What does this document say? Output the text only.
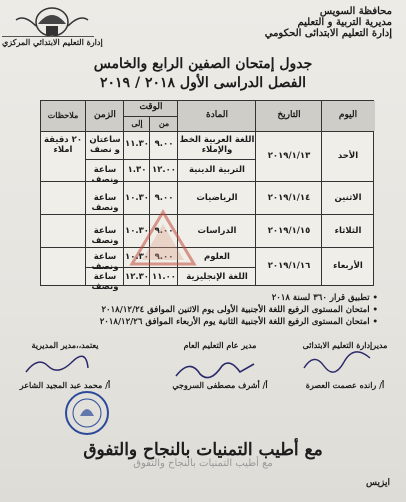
محافظة السويس
مديرية التربية و التعليم
إدارة التعليم الابتدائى الحكومي
إدارة التعليم الابتدائي المركزي
جدول إمتحان الصفين الرابع والخامس
الفصل الدراسى الأول ٢٠١٨ / ٢٠١٩
اليوم
التاريخ
المادة
الوقت
من
إلى
الزمن
ملاحظات
الأحد
٢٠١٩/١/١٣
اللغة العربية الخط والإملاء
٩.٠٠
١١.٣٠
ساعتان و نصف
٢٠ دقيقة املاء
التربية الدينية
١٢.٠٠
١.٣٠
ساعة ونصف
الاثنين
٢٠١٩/١/١٤
الرياضيات
٩.٠٠
١٠.٣٠
ساعة ونصف
الثلاثاء
٢٠١٩/١/١٥
الدراسات
٩.٠٠
١٠.٣٠
ساعة ونصف
الأربعاء
٢٠١٩/١/١٦
العلوم
٩.٠٠
١٠.٣٠
ساعة ونصف
اللغة الإنجليزية
١١.٠٠
١٢.٣٠
ساعة ونصف
• تطبيق قرار ٣٦٠ لسنة ٢٠١٨
• امتحان المستوى الرفيع اللغة الأجنبية الأولى يوم الاثنين الموافق ٢٠١٨/١٢/٢٤
• امتحان المستوى الرفيع اللغة الأجنبية الثانية يوم الأربعاء الموافق ٢٠١٨/١٢/٢٦
مديرإدارة التعليم الابتدائى
مدير عام التعليم العام
يعتمد،،مدير المديرية
أ/ رانده عصمت العصرة
أ/ أشرف مصطفى السروجي
أ/ محمد عبد المجيد الشاعر
مع أطيب التمنيات بالنجاح والتفوق
مع أطيب التمنيات بالنجاح والتفوق
ايزيس
